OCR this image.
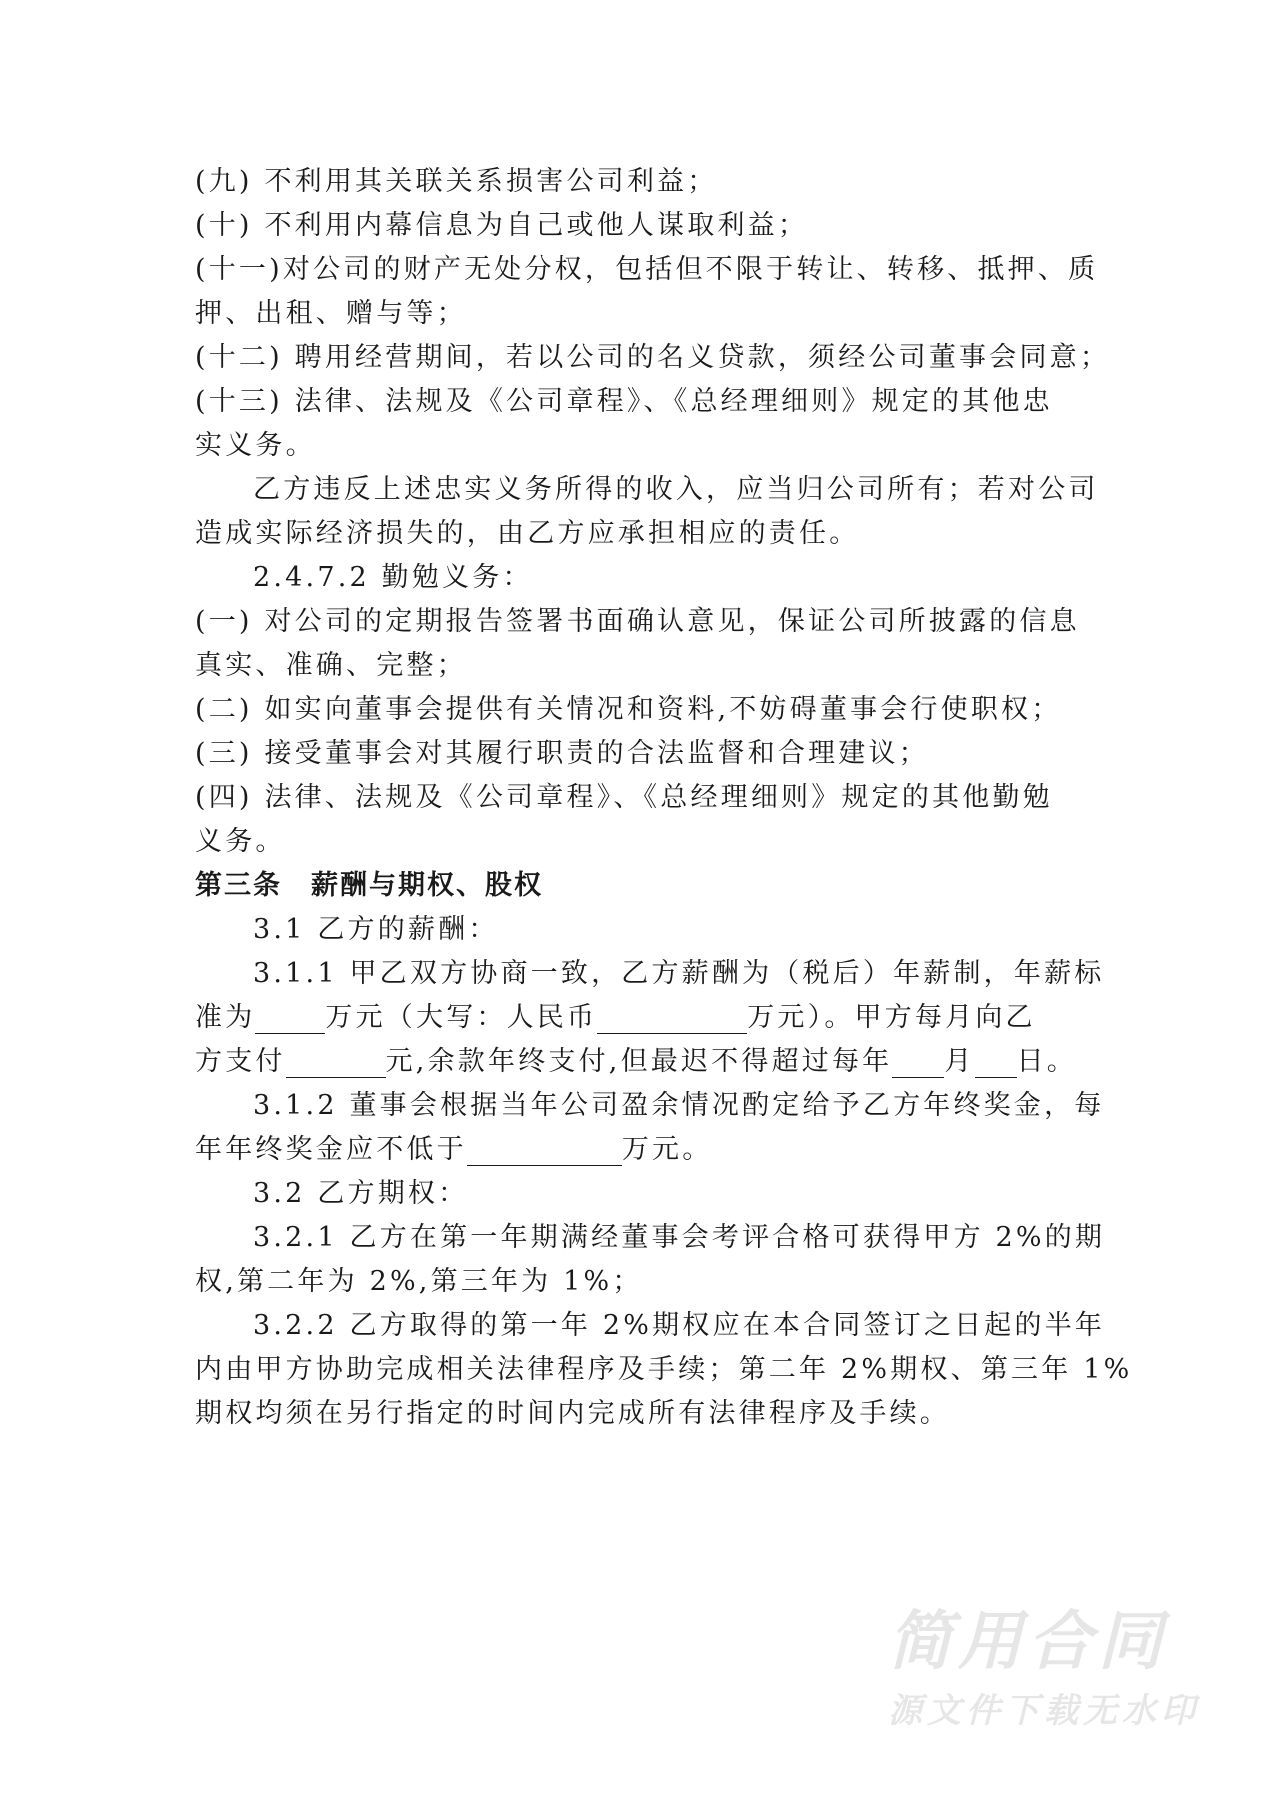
(九) 不利用其关联关系损害公司利益；
(十) 不利用内幕信息为自己或他人谋取利益；
(十一)对公司的财产无处分权，包括但不限于转让、转移、抵押、质
押、出租、赠与等；
(十二) 聘用经营期间，若以公司的名义贷款，须经公司董事会同意；
(十三) 法律、法规及《公司章程》、《总经理细则》规定的其他忠
实义务。
乙方违反上述忠实义务所得的收入，应当归公司所有；若对公司
造成实际经济损失的，由乙方应承担相应的责任。
2.4.7.2 勤勉义务：
(一) 对公司的定期报告签署书面确认意见，保证公司所披露的信息
真实、准确、完整；
(二) 如实向董事会提供有关情况和资料,不妨碍董事会行使职权；
(三) 接受董事会对其履行职责的合法监督和合理建议；
(四) 法律、法规及《公司章程》、《总经理细则》规定的其他勤勉
义务。
第三条　薪酬与期权、股权
3.1 乙方的薪酬：
3.1.1 甲乙双方协商一致，乙方薪酬为（税后）年薪制，年薪标
准为	万元（大写：人民币	万元）。甲方每月向乙
方支付	元,余款年终支付,但最迟不得超过每年 月 日。
3.1.2 董事会根据当年公司盈余情况酌定给予乙方年终奖金，每
年年终奖金应不低于	万元。
3.2 乙方期权：
3.2.1 乙方在第一年期满经董事会考评合格可获得甲方 2%的期
权,第二年为 2%,第三年为 1%；
3.2.2 乙方取得的第一年 2%期权应在本合同签订之日起的半年
内由甲方协助完成相关法律程序及手续；第二年 2%期权、第三年 1%
期权均须在另行指定的时间内完成所有法律程序及手续。
简用合同
源文件下载无水印
